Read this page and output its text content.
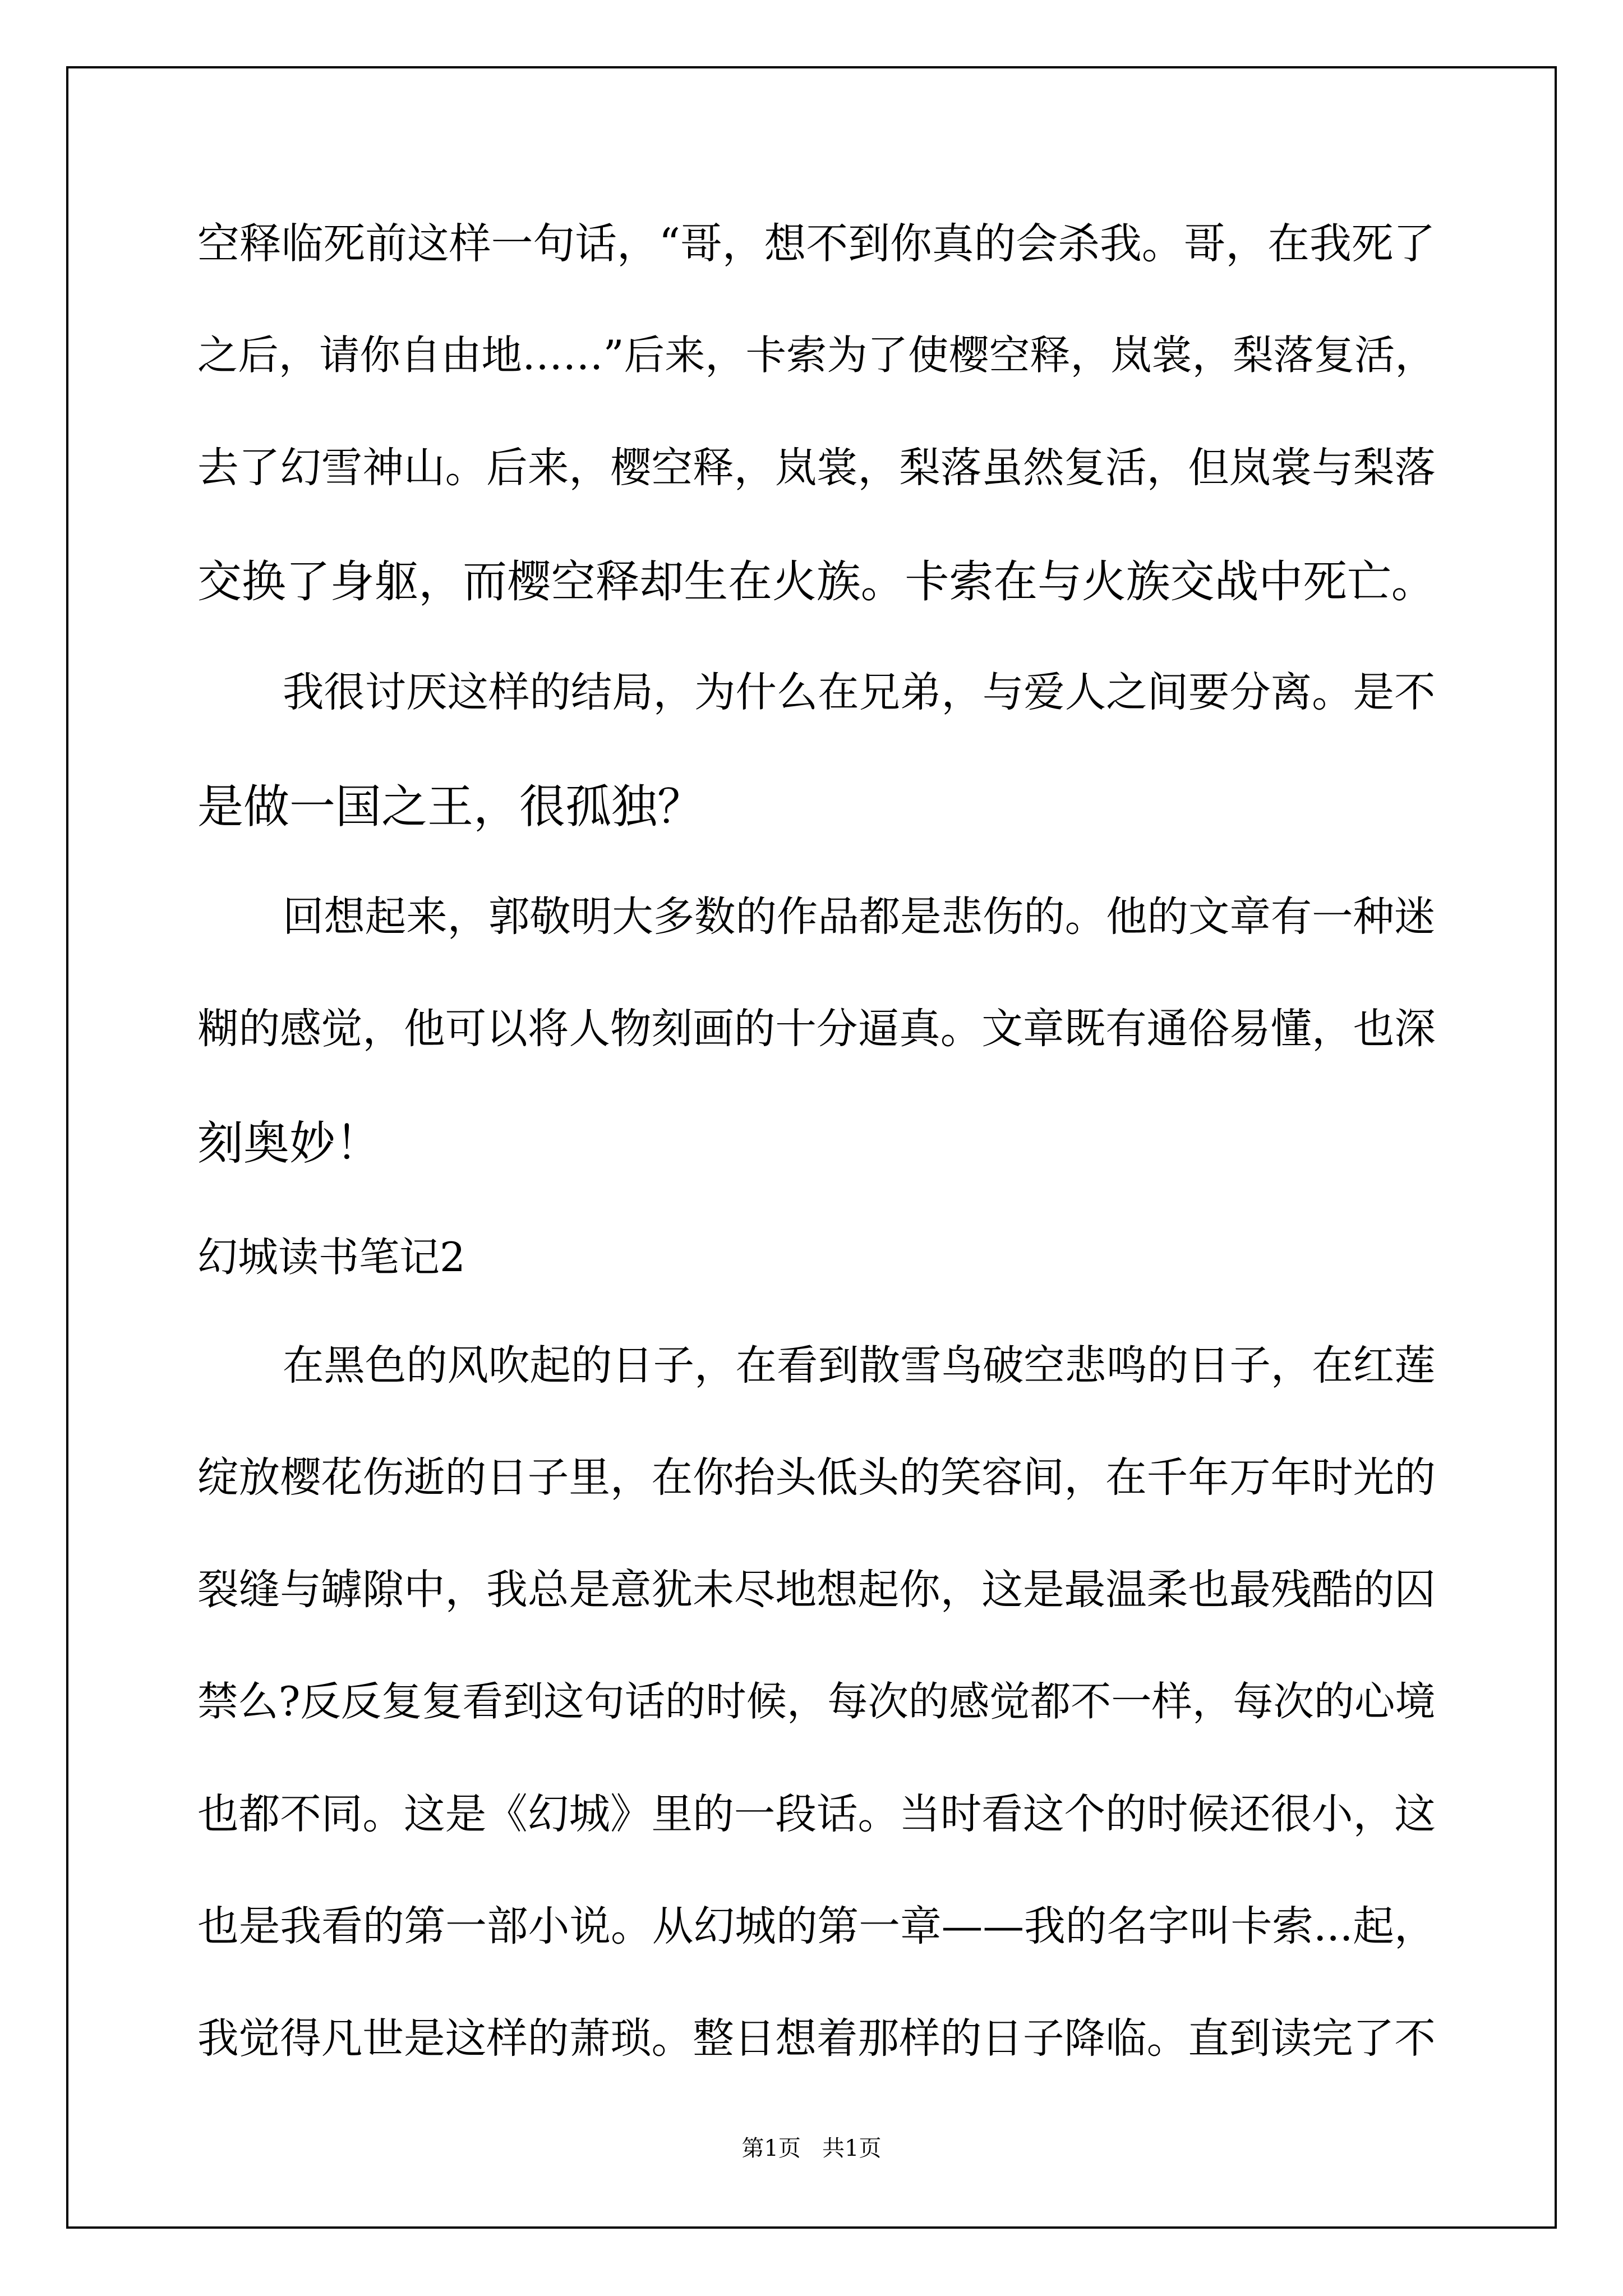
空释临死前这样一句话，“哥，想不到你真的会杀我。哥，在我死了
之后，请你自由地……”后来，卡索为了使樱空释，岚裳，梨落复活，
去了幻雪神山。后来，樱空释，岚裳，梨落虽然复活，但岚裳与梨落
交换了身躯，而樱空释却生在火族。卡索在与火族交战中死亡。
我很讨厌这样的结局，为什么在兄弟，与爱人之间要分离。是不
是做一国之王，很孤独？
回想起来，郭敬明大多数的作品都是悲伤的。他的文章有一种迷
糊的感觉，他可以将人物刻画的十分逼真。文章既有通俗易懂，也深
刻奥妙！
幻城读书笔记2
在黑色的风吹起的日子，在看到散雪鸟破空悲鸣的日子，在红莲
绽放樱花伤逝的日子里，在你抬头低头的笑容间，在千年万年时光的
裂缝与罅隙中，我总是意犹未尽地想起你，这是最温柔也最残酷的囚
禁么?反反复复看到这句话的时候，每次的感觉都不一样，每次的心境
也都不同。这是《幻城》里的一段话。当时看这个的时候还很小，这
也是我看的第一部小说。从幻城的第一章——我的名字叫卡索...起，
我觉得凡世是这样的萧琐。整日想着那样的日子降临。直到读完了不
第1页   共1页
